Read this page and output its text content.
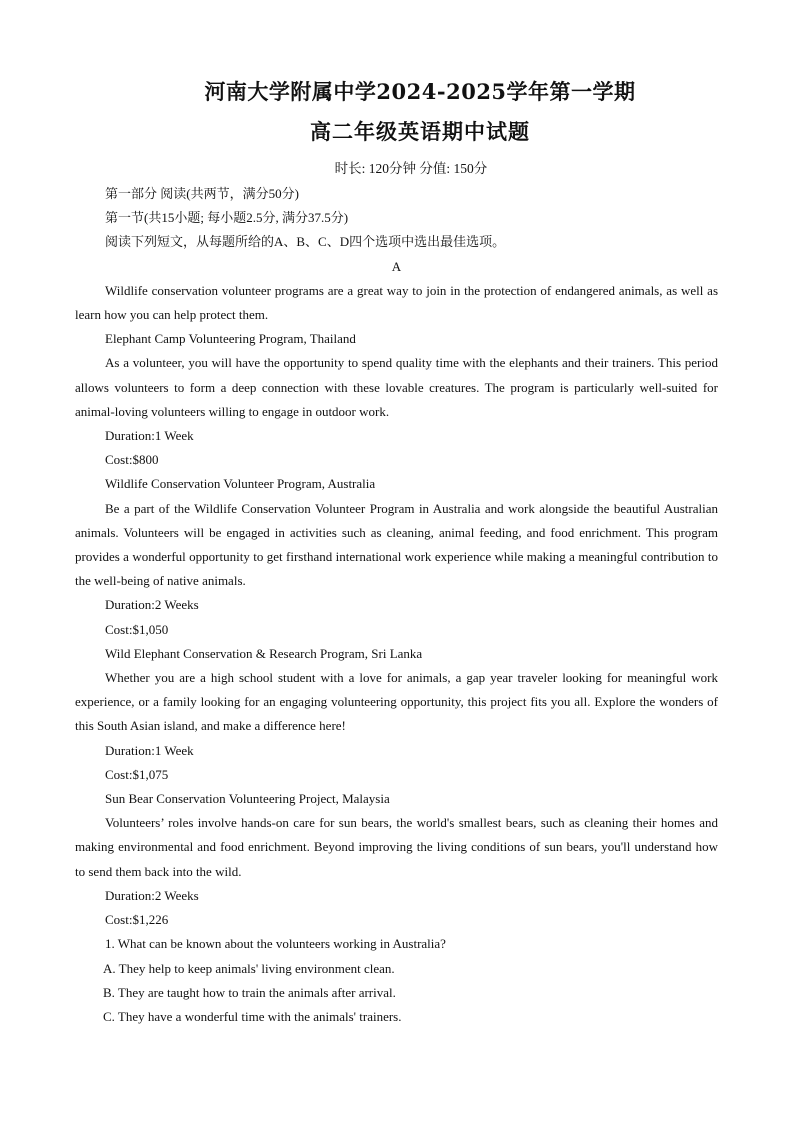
河南大学附属中学2024-2025学年第一学期
高二年级英语期中试题
时长: 120分钟 分值: 150分

第一部分 阅读(共两节，满分50分)

第一节(共15小题; 每小题2.5分, 满分37.5分)

阅读下列短文，从每题所给的A、B、C、D四个选项中选出最佳选项。

A

Wildlife conservation volunteer programs are a great way to join in the protection of endangered animals, as well as learn how you can help protect them.

Elephant Camp Volunteering Program, Thailand

As a volunteer, you will have the opportunity to spend quality time with the elephants and their trainers. This period allows volunteers to form a deep connection with these lovable creatures. The program is particularly well-suited for animal-loving volunteers willing to engage in outdoor work.

Duration:1 Week

Cost:$800

Wildlife Conservation Volunteer Program, Australia

Be a part of the Wildlife Conservation Volunteer Program in Australia and work alongside the beautiful Australian animals. Volunteers will be engaged in activities such as cleaning, animal feeding, and food enrichment. This program provides a wonderful opportunity to get firsthand international work experience while making a meaningful contribution to the well-being of native animals.

Duration:2 Weeks

Cost:$1,050

Wild Elephant Conservation & Research Program, Sri Lanka

Whether you are a high school student with a love for animals, a gap year traveler looking for meaningful work experience, or a family looking for an engaging volunteering opportunity, this project fits you all. Explore the wonders of this South Asian island, and make a difference here!

Duration:1 Week

Cost:$1,075

Sun Bear Conservation Volunteering Project, Malaysia

Volunteers’ roles involve hands-on care for sun bears, the world's smallest bears, such as cleaning their homes and making environmental and food enrichment. Beyond improving the living conditions of sun bears, you'll understand how to send them back into the wild.

Duration:2 Weeks

Cost:$1,226

1. What can be known about the volunteers working in Australia?

A. They help to keep animals' living environment clean.

B. They are taught how to train the animals after arrival.

C. They have a wonderful time with the animals' trainers.
